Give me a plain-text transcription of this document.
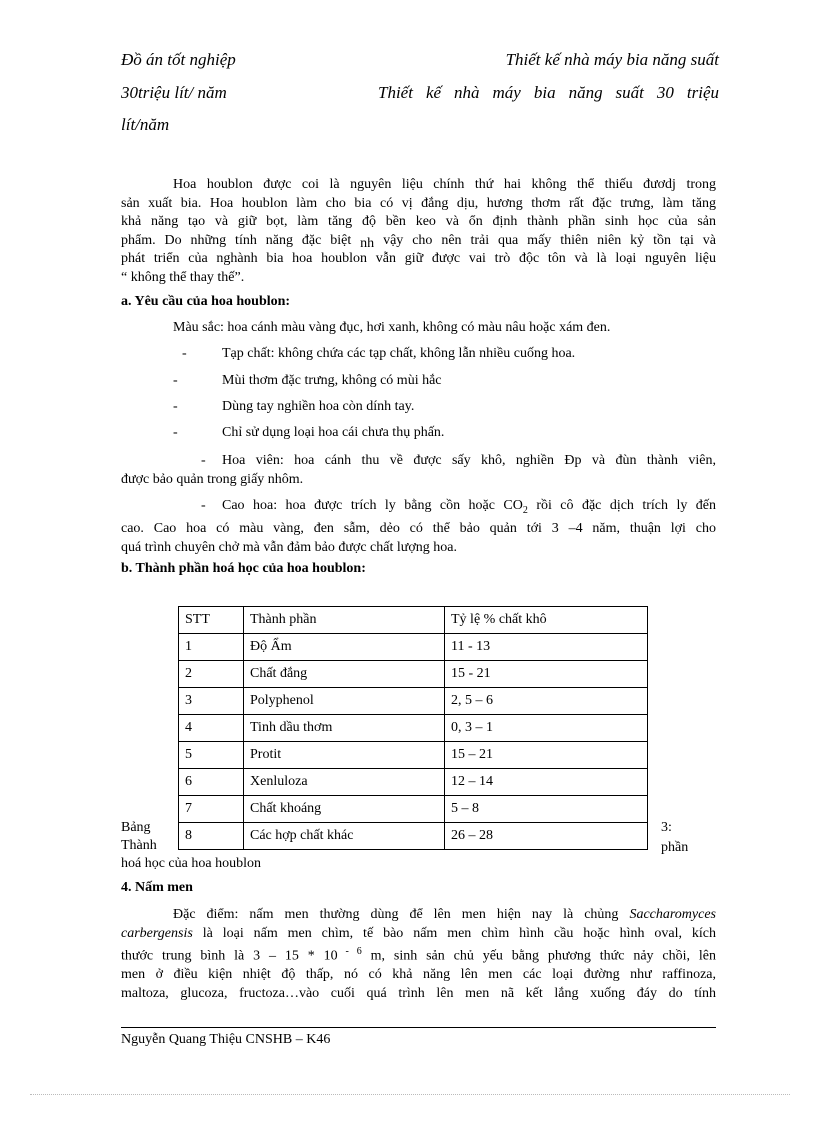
Đồ án tốt nghiệp	Thiết kế nhà máy bia năng suất
30triệu lít/ năm	Thiết kế nhà máy bia năng suất 30 triệu
lít/năm
Hoa houblon được coi là nguyên liệu chính thứ hai không thể thiếu đươdj trong
sản xuất bia. Hoa houblon làm cho bia có vị đắng dịu, hương thơm rất đặc trưng, làm tăng
khả năng tạo và giữ bọt, làm tăng độ bền keo và ổn định thành phần sinh học của sản
phẩm. Do những tính năng đặc biệt nh vậy cho nên trải qua mấy thiên niên kỷ tồn tại và
phát triển của nghành bia hoa houblon vẫn giữ được vai trò độc tôn và là loại nguyên liệu
“ không thể thay thế”.
a. Yêu cầu của hoa houblon:
Màu sắc: hoa cánh màu vàng đục, hơi xanh, không có màu nâu hoặc xám đen.
-	Tạp chất: không chứa các tạp chất, không lẫn nhiều cuống hoa.
-	Mùi thơm đặc trưng, không có mùi hắc
-	Dùng tay nghiền hoa còn dính tay.
-	Chỉ sử dụng loại hoa cái chưa thụ phấn.
- Hoa viên: hoa cánh thu về được sấy khô, nghiền Đp và đùn thành viên,
được bảo quản trong giấy nhôm.
- Cao hoa: hoa được trích ly bằng cồn hoặc $CO_2$ rồi cô đặc dịch trích ly đến
cao. Cao hoa có màu vàng, đen sẫm, dẻo có thể bảo quản tới 3 –4 năm, thuận lợi cho
quá trình chuyên chở mà vẫn đảm bảo được chất lượng hoa.
b. Thành phần hoá học của hoa houblon:
STT	Thành phần	Tỷ lệ % chất khô
1	Độ Ẩm	11 - 13
2	Chất đắng	15 - 21
3	Polyphenol	2, 5 – 6
4	Tinh dầu thơm	0, 3 – 1
5	Protit	15 – 21
6	Xenluloza	12 – 14
7	Chất khoáng	5 – 8
8	Các hợp chất khác	26 – 28
Bảng	3:
Thành	phần
hoá học của hoa houblon
4. Nấm men
Đặc điểm: nấm men thường dùng để lên men hiện nay là chủng Saccharomyces
carbergensis là loại nấm men chìm, tế bào nấm men chìm hình cầu hoặc hình oval, kích
thước trung bình là 3 – 15 * 10 $^{- 6}$ m, sinh sản chủ yếu bằng phương thức nảy chồi, lên
men ở điều kiện nhiệt độ thấp, nó có khả năng lên men các loại đường như raffinoza,
maltoza, glucoza, fructoza…vào cuối quá trình lên men nã kết lắng xuống đáy do tính
Nguyễn Quang Thiệu CNSHB – K46
